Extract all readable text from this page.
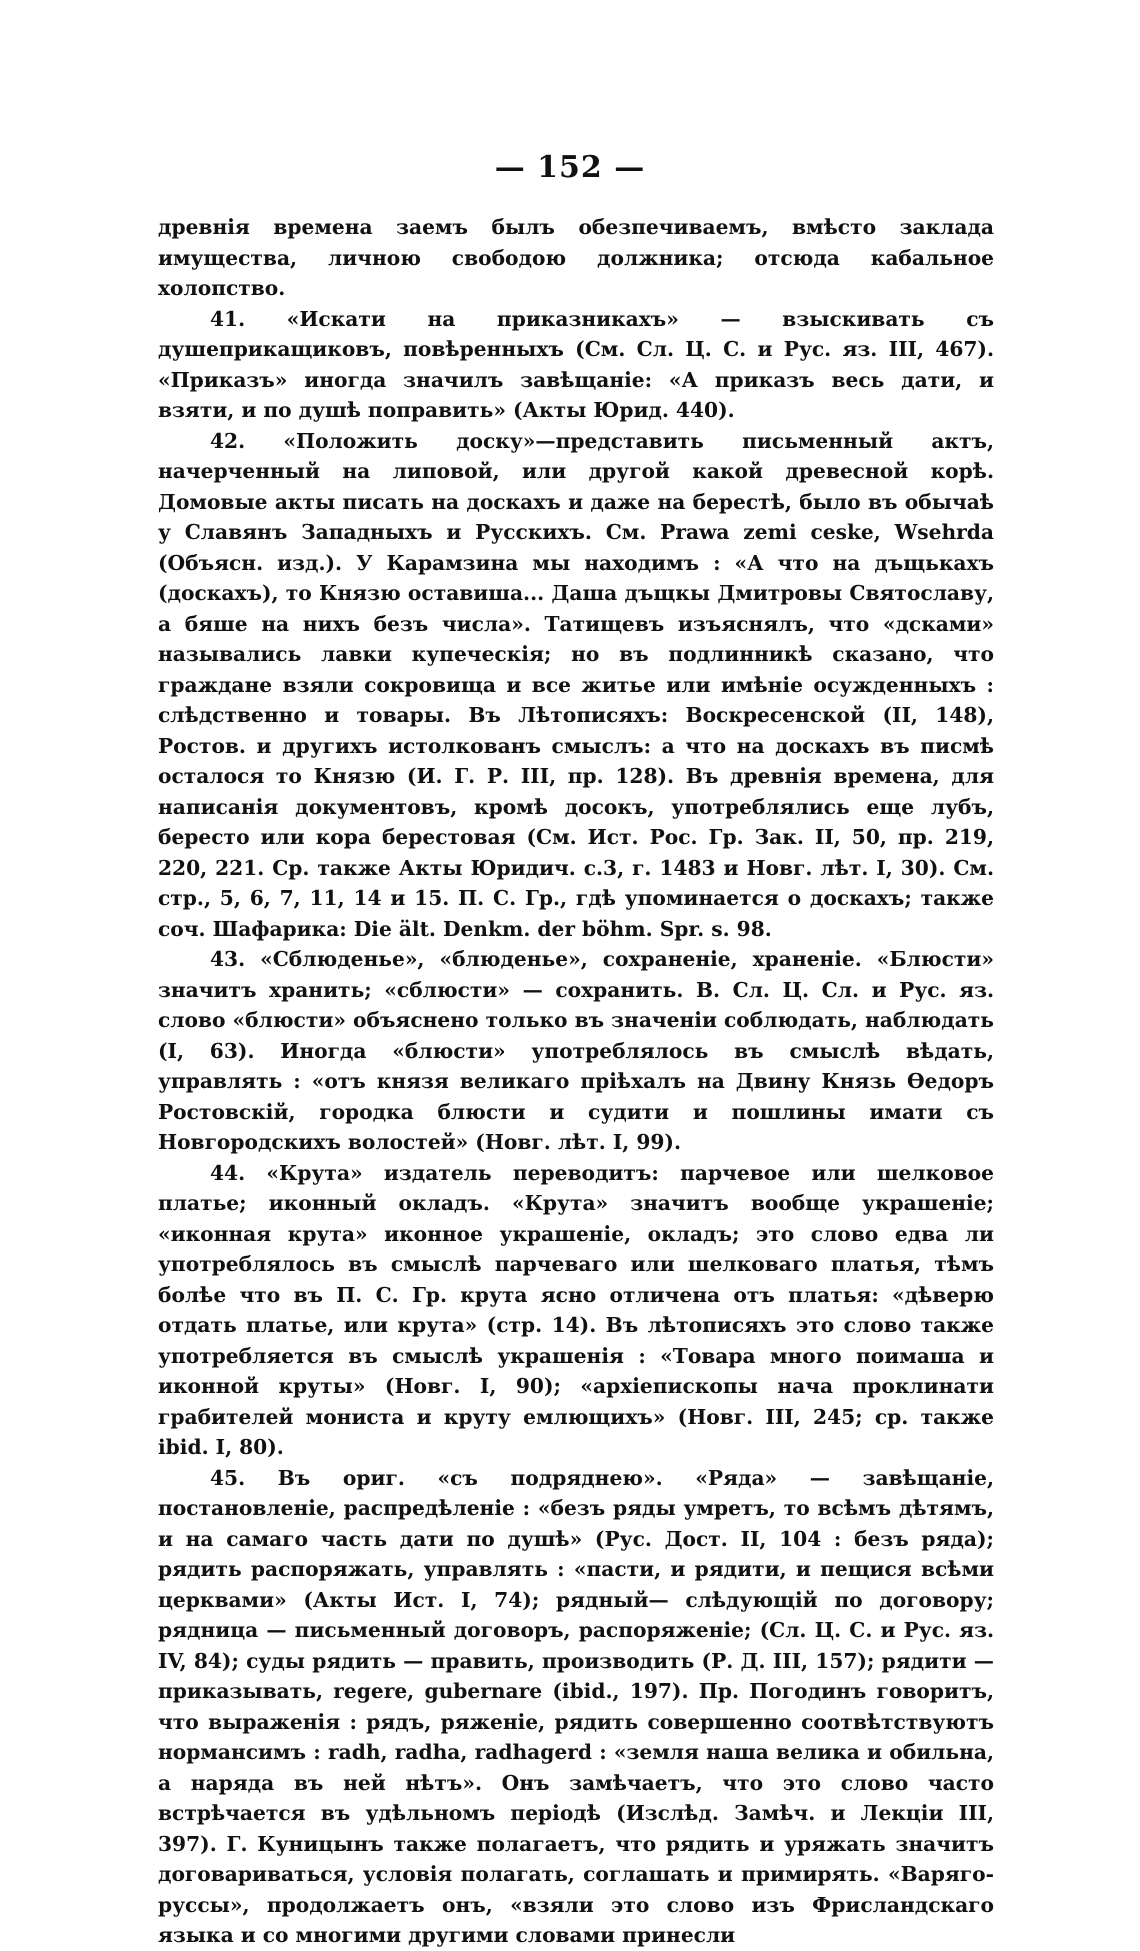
— 152 —

древнія времена заемъ былъ обезпечиваемъ, вмѣсто заклада имущества, личною свободою должника; отсюда кабальное холопство.

41. «Искати на приказникахъ» — взыскивать съ душеприкащиковъ, повѣренныхъ (См. Сл. Ц. С. и Рус. яз. III, 467). «Приказъ» иногда значилъ завѣщаніе: «А приказъ весь дати, и взяти, и по душѣ поправить» (Акты Юрид. 440).

42. «Положить доску»—представить письменный актъ, начерченный на липовой, или другой какой древесной корѣ. Домовые акты писать на доскахъ и даже на берестѣ, было въ обычаѣ у Славянъ Западныхъ и Русскихъ. См. Prawa zemi ceske, Wsehrda (Объясн. изд.). У Карамзина мы находимъ : «А что на дъщькахъ (доскахъ), то Князю оставиша... Даша дъщкы Дмитровы Святославу, а бяше на нихъ безъ числа». Татищевъ изъяснялъ, что «дсками» назывались лавки купеческія; но въ подлинникѣ сказано, что граждане взяли сокровища и все житье или имѣніе осужденныхъ : слѣдственно и товары. Въ Лѣтописяхъ: Воскресенской (II, 148), Ростов. и другихъ истолкованъ смыслъ: а что на доскахъ въ писмѣ осталося то Князю (И. Г. Р. III, пр. 128). Въ древнія времена, для написанія документовъ, кромѣ досокъ, употреблялись еще лубъ, бересто или кора берестовая (См. Ист. Рос. Гр. Зак. II, 50, пр. 219, 220, 221. Ср. также Акты Юридич. с.3, г. 1483 и Новг. лѣт. I, 30). См. стр., 5, 6, 7, 11, 14 и 15. П. С. Гр., гдѣ упоминается о доскахъ; также соч. Шафарика: Die ält. Denkm. der böhm. Spr. s. 98.

43. «Сблюденье», «блюденье», сохраненіе, храненіе. «Блюсти» значитъ хранить; «сблюсти» — сохранить. В. Сл. Ц. Сл. и Рус. яз. слово «блюсти» объяснено только въ значеніи соблюдать, наблюдать (I, 63). Иногда «блюсти» употреблялось въ смыслѣ вѣдать, управлять : «отъ князя великаго пріѣхалъ на Двину Князь Ѳедоръ Ростовскій, городка блюсти и судити и пошлины имати съ Новгородскихъ волостей» (Новг. лѣт. I, 99).

44. «Крута» издатель переводитъ: парчевое или шелковое платье; иконный окладъ. «Крута» значитъ вообще украшеніе; «иконная крута» иконное украшеніе, окладъ; это слово едва ли употреблялось въ смыслѣ парчеваго или шелковаго платья, тѣмъ болѣе что въ П. С. Гр. крута ясно отличена отъ платья: «дѣверю отдать платье, или крута» (стр. 14). Въ лѣтописяхъ это слово также употребляется въ смыслѣ украшенія : «Товара много поимаша и иконной круты» (Новг. I, 90); «архіепископы нача проклинати грабителей мониста и круту емлющихъ» (Новг. III, 245; ср. также ibid. I, 80).

45. Въ ориг. «съ подряднею». «Ряда» — завѣщаніе, постановленіе, распредѣленіе : «безъ ряды умретъ, то всѣмъ дѣтямъ, и на самаго часть дати по душѣ» (Рус. Дост. II, 104 : безъ ряда); рядить распоряжать, управлять : «пасти, и рядити, и пещися всѣми церквами» (Акты Ист. I, 74); рядный— слѣдующій по договору; рядница — письменный договоръ, распоряженіе; (Сл. Ц. С. и Рус. яз. IV, 84); суды рядить — править, производить (Р. Д. III, 157); рядити — приказывать, regere, gubernare (ibid., 197). Пр. Погодинъ говоритъ, что выраженія : рядъ, ряженіе, рядить совершенно соотвѣтствуютъ нормансимъ : radh, radha, radhagerd : «земля наша велика и обильна, а наряда въ ней нѣтъ». Онъ замѣчаетъ, что это слово часто встрѣчается въ удѣльномъ періодѣ (Изслѣд. Замѣч. и Лекціи III, 397). Г. Куницынъ также полагаетъ, что рядить и уряжать значитъ договариваться, условія полагать, соглашать и примирять. «Варяго-руссы», продолжаетъ онъ, «взяли это слово изъ Фрисландскаго языка и со многими другими словами принесли
